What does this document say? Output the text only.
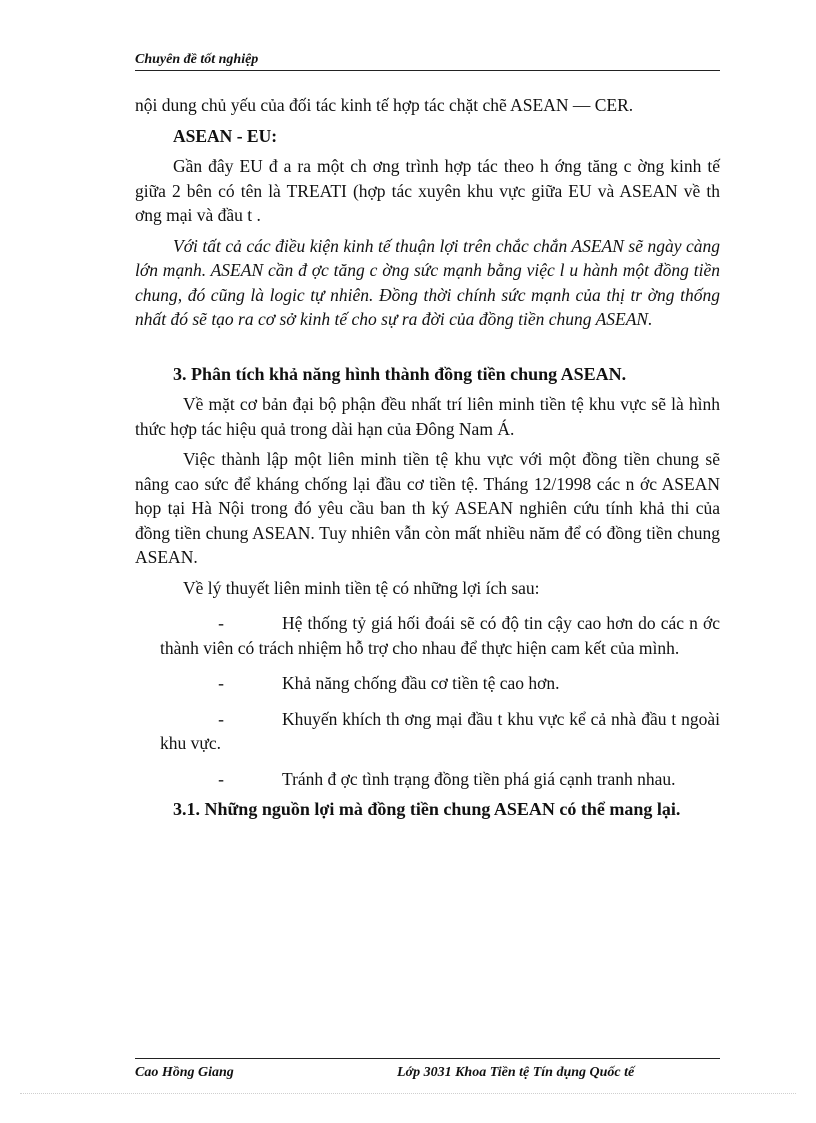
Chuyên đề tốt nghiệp

nội dung chủ yếu của đối tác kinh tế hợp tác chặt chẽ ASEAN — CER.

ASEAN - EU:

Gần đây EU đ a ra một ch ơng trình hợp tác theo h ớng tăng c ờng kinh tế giữa 2 bên có tên là TREATI (hợp tác xuyên khu vực giữa EU và ASEAN về th ơng mại và đầu t .

Với tất cả các điều kiện kinh tế thuận lợi trên chắc chắn ASEAN sẽ ngày càng lớn mạnh. ASEAN cần đ ợc tăng c ờng sức mạnh bằng việc l u hành một đồng tiền chung, đó cũng là logic tự nhiên. Đồng thời chính sức mạnh của thị tr ờng thống nhất đó sẽ tạo ra cơ sở kinh tế cho sự ra đời của đồng tiền chung ASEAN.

3. Phân tích khả năng hình thành đồng tiền chung ASEAN.

Về mặt cơ bản đại bộ phận đều nhất trí liên minh tiền tệ khu vực sẽ là hình thức hợp tác hiệu quả trong dài hạn của Đông Nam Á.

Việc thành lập một liên minh tiền tệ khu vực với một đồng tiền chung sẽ nâng cao sức để kháng chống lại đầu cơ tiền tệ. Tháng 12/1998 các n ớc ASEAN họp tại Hà Nội trong đó yêu cầu ban th ký ASEAN nghiên cứu tính khả thi của đồng tiền chung ASEAN. Tuy nhiên vẫn còn mất nhiều năm để có đồng tiền chung ASEAN.

Về lý thuyết liên minh tiền tệ có những lợi ích sau:

-	Hệ thống tỷ giá hối đoái sẽ có độ tin cậy cao hơn do các n ớc thành viên có trách nhiệm hỗ trợ cho nhau để thực hiện cam kết của mình.

-	Khả năng chống đầu cơ tiền tệ cao hơn.

-	Khuyến khích th ơng mại đầu t khu vực kể cả nhà đầu t ngoài khu vực.

-	Tránh đ ợc tình trạng đồng tiền phá giá cạnh tranh nhau.

3.1. Những nguồn lợi mà đồng tiền chung ASEAN có thể mang lại.

Cao Hồng Giang	Lớp 3031 Khoa Tiền tệ Tín dụng Quốc tế
